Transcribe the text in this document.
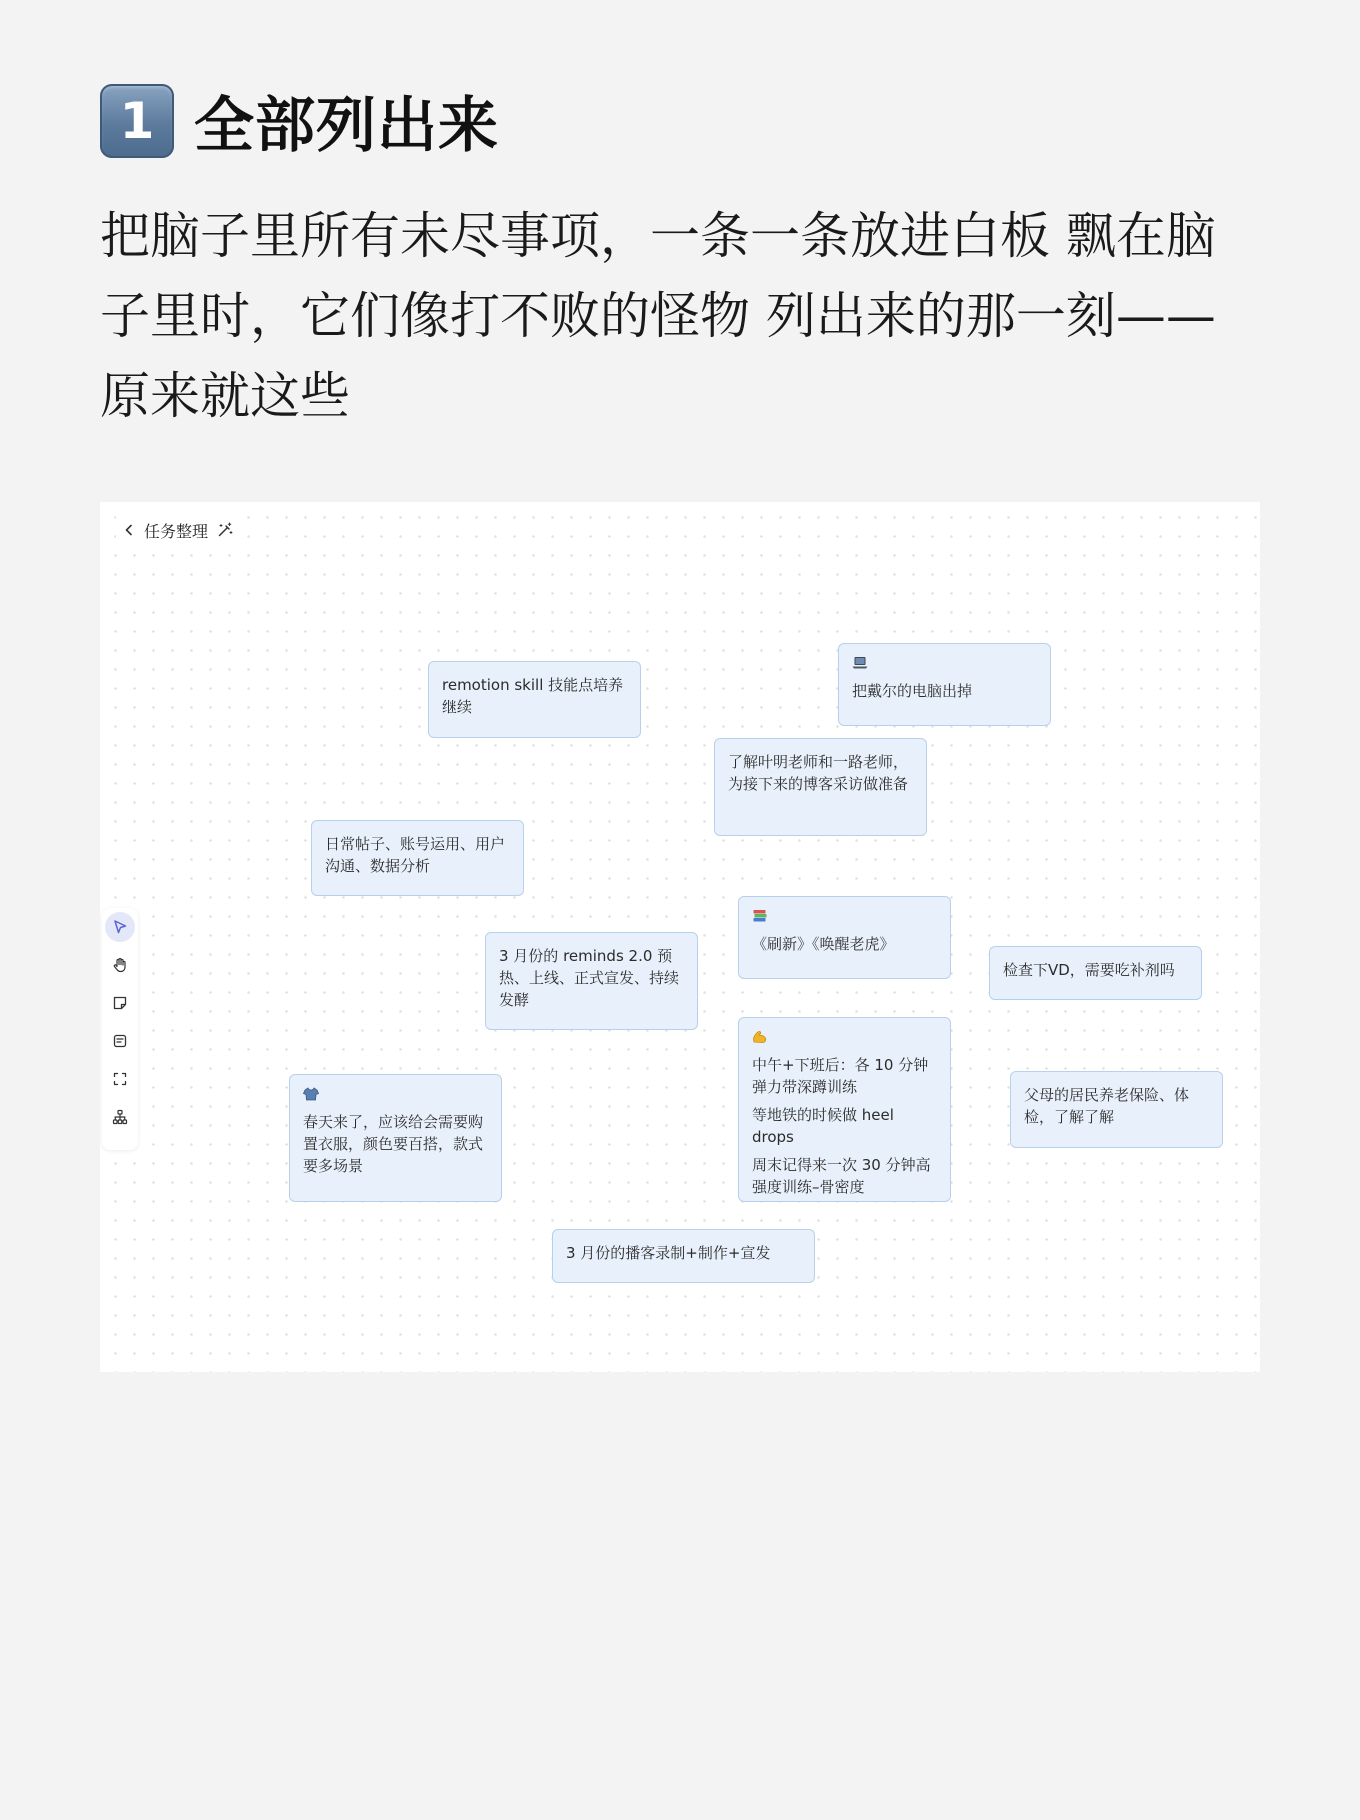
1 全部列出来

把脑子里所有未尽事项，一条一条放进白板 飘在脑子里时，它们像打不败的怪物 列出来的那一刻——原来就这些

任务整理
remotion skill 技能点培养继续
把戴尔的电脑出掉
了解叶明老师和一路老师，为接下来的博客采访做准备
日常帖子、账号运用、用户沟通、数据分析
《刷新》《唤醒老虎》
3 月份的 reminds 2.0 预热、上线、正式宣发、持续发酵
检查下VD，需要吃补剂吗
中午+下班后：各 10 分钟弹力带深蹲训练
等地铁的时候做 heel drops
周末记得来一次 30 分钟高强度训练–骨密度
春天来了，应该给会需要购置衣服，颜色要百搭，款式要多场景
父母的居民养老保险、体检，了解了解
3 月份的播客录制+制作+宣发
